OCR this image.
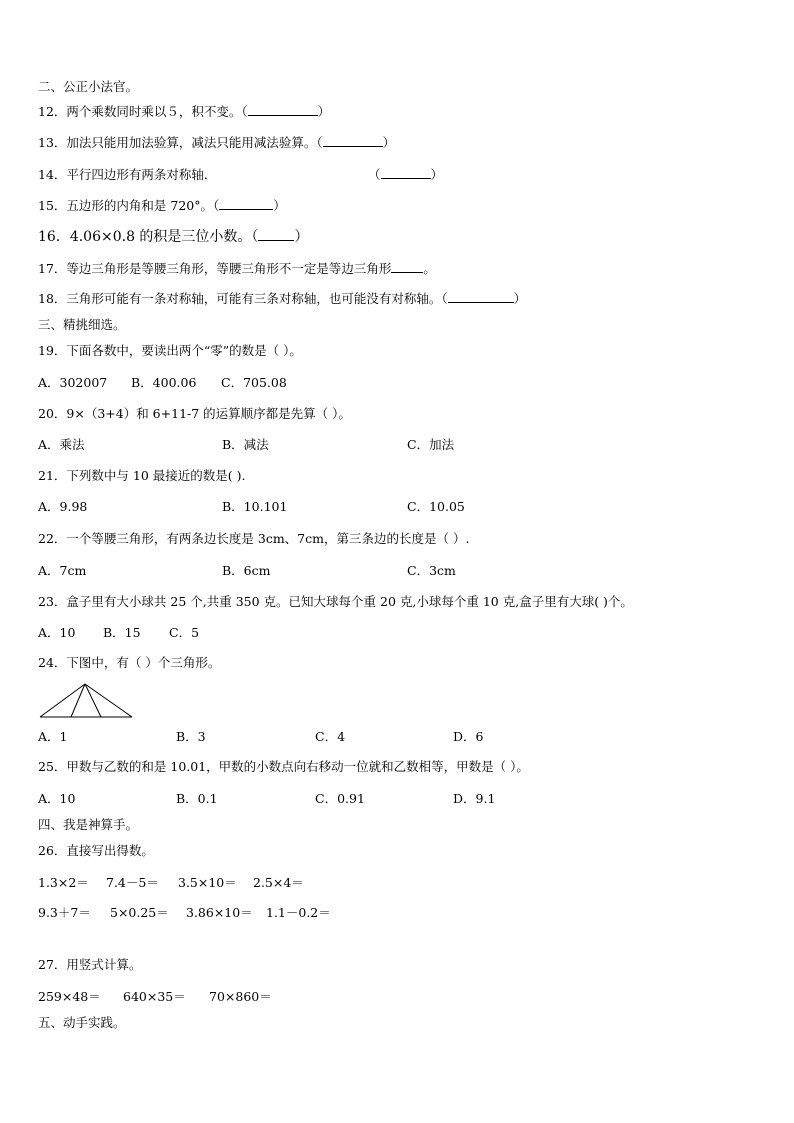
二、公正小法官。
12．两个乘数同时乘以５，积不变。（	）
13．加法只能用加法验算，减法只能用减法验算。（	）
14．平行四边形有两条对称轴．	（	）
15．五边形的内角和是 720°。（	）
16．4.06×0.8 的积是三位小数。（	）
17．等边三角形是等腰三角形，等腰三角形不一定是等边三角形	。
18．三角形可能有一条对称轴，可能有三条对称轴，也可能没有对称轴。（	）
三、精挑细选。
19．下面各数中，要读出两个“零”的数是（ ）。
A．302007 B．400.06 C．705.08
20．9×（3+4）和 6+11-7 的运算顺序都是先算（ ）。
A．乘法	B．减法	C．加法
21．下列数中与 10 最接近的数是( ).
A．9.98	B．10.101	C．10.05
22．一个等腰三角形，有两条边长度是 3cm、7cm，第三条边的长度是（ ）.
A．7cm	B．6cm	C．3cm
23．盒子里有大小球共 25 个,共重 350 克。已知大球每个重 20 克,小球每个重 10 克,盒子里有大球( )个。
A．10 B．15 C．5
24．下图中，有（ ）个三角形。
A．1	B．3	C．4	D．6
25．甲数与乙数的和是 10.01，甲数的小数点向右移动一位就和乙数相等，甲数是（ ）。
A．10	B．0.1	C．0.91	D．9.1
四、我是神算手。
26．直接写出得数。
1.3×2＝ 7.4－5＝ 3.5×10＝ 2.5×4＝
9.3＋7＝ 5×0.25＝ 3.86×10＝ 1.1－0.2＝
27．用竖式计算。
259×48＝ 640×35＝ 70×860＝
五、动手实践。
